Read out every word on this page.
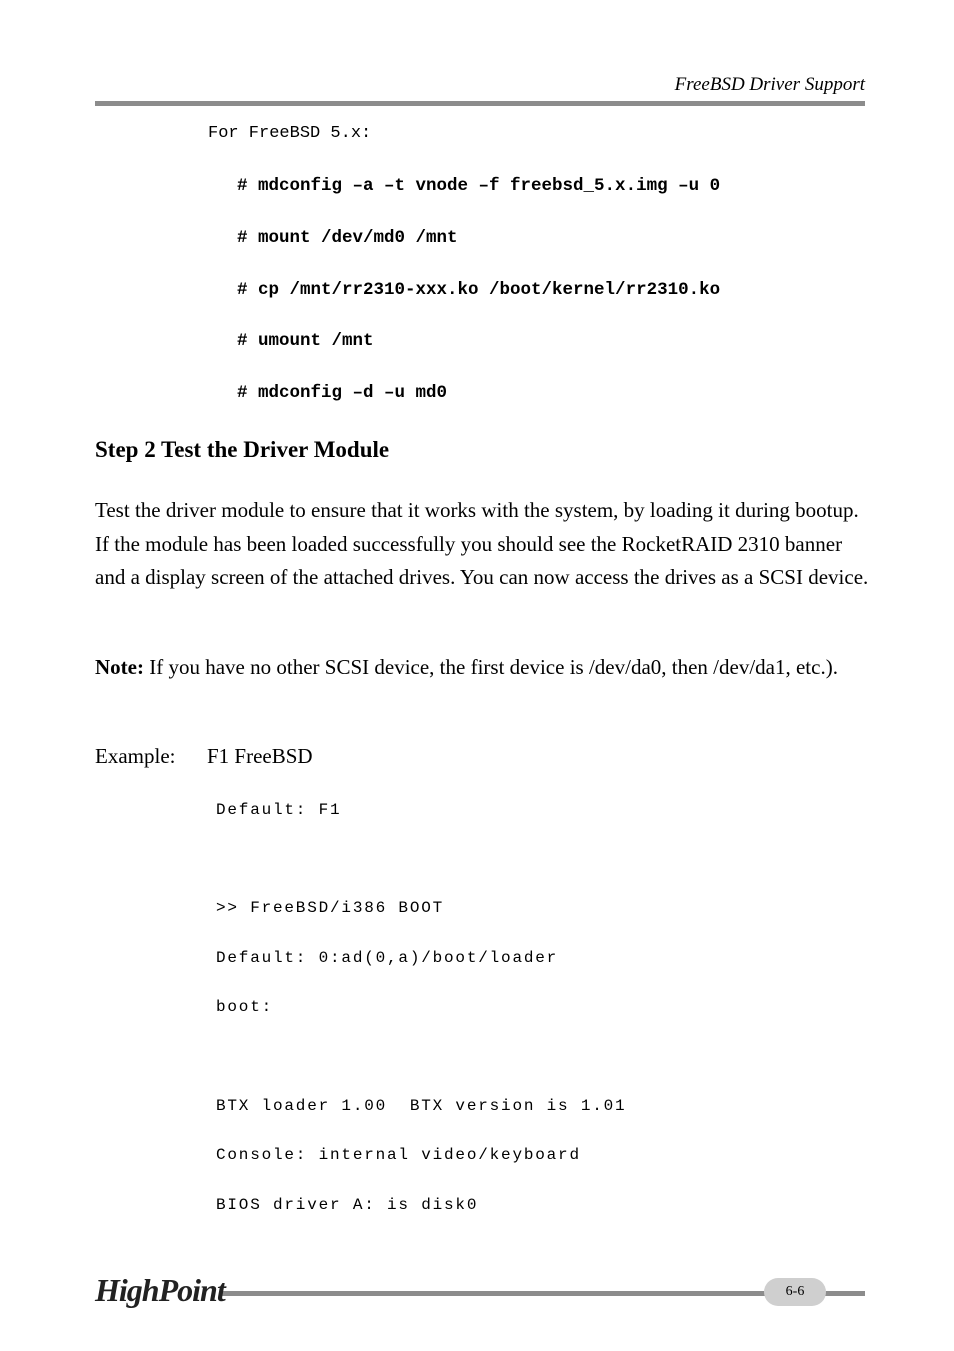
FreeBSD Driver Support
For FreeBSD 5.x:
# mdconfig –a –t vnode –f freebsd_5.x.img –u 0
# mount /dev/md0 /mnt
# cp /mnt/rr2310-xxx.ko /boot/kernel/rr2310.ko
# umount /mnt
# mdconfig –d –u md0
Step 2 Test the Driver Module
Test the driver module to ensure that it works with the system, by loading it during bootup. If the module has been loaded successfully you should see the RocketRAID 2310 banner and a display screen of the attached drives. You can now access the drives as a SCSI device.
Note: If you have no other SCSI device, the first device is /dev/da0, then /dev/da1, etc.).
Example: F1 FreeBSD
Default: F1
>> FreeBSD/i386 BOOT
Default: 0:ad(0,a)/boot/loader
boot:
BTX loader 1.00  BTX version is 1.01
Console: internal video/keyboard
BIOS driver A: is disk0
HighPoint	6-6
